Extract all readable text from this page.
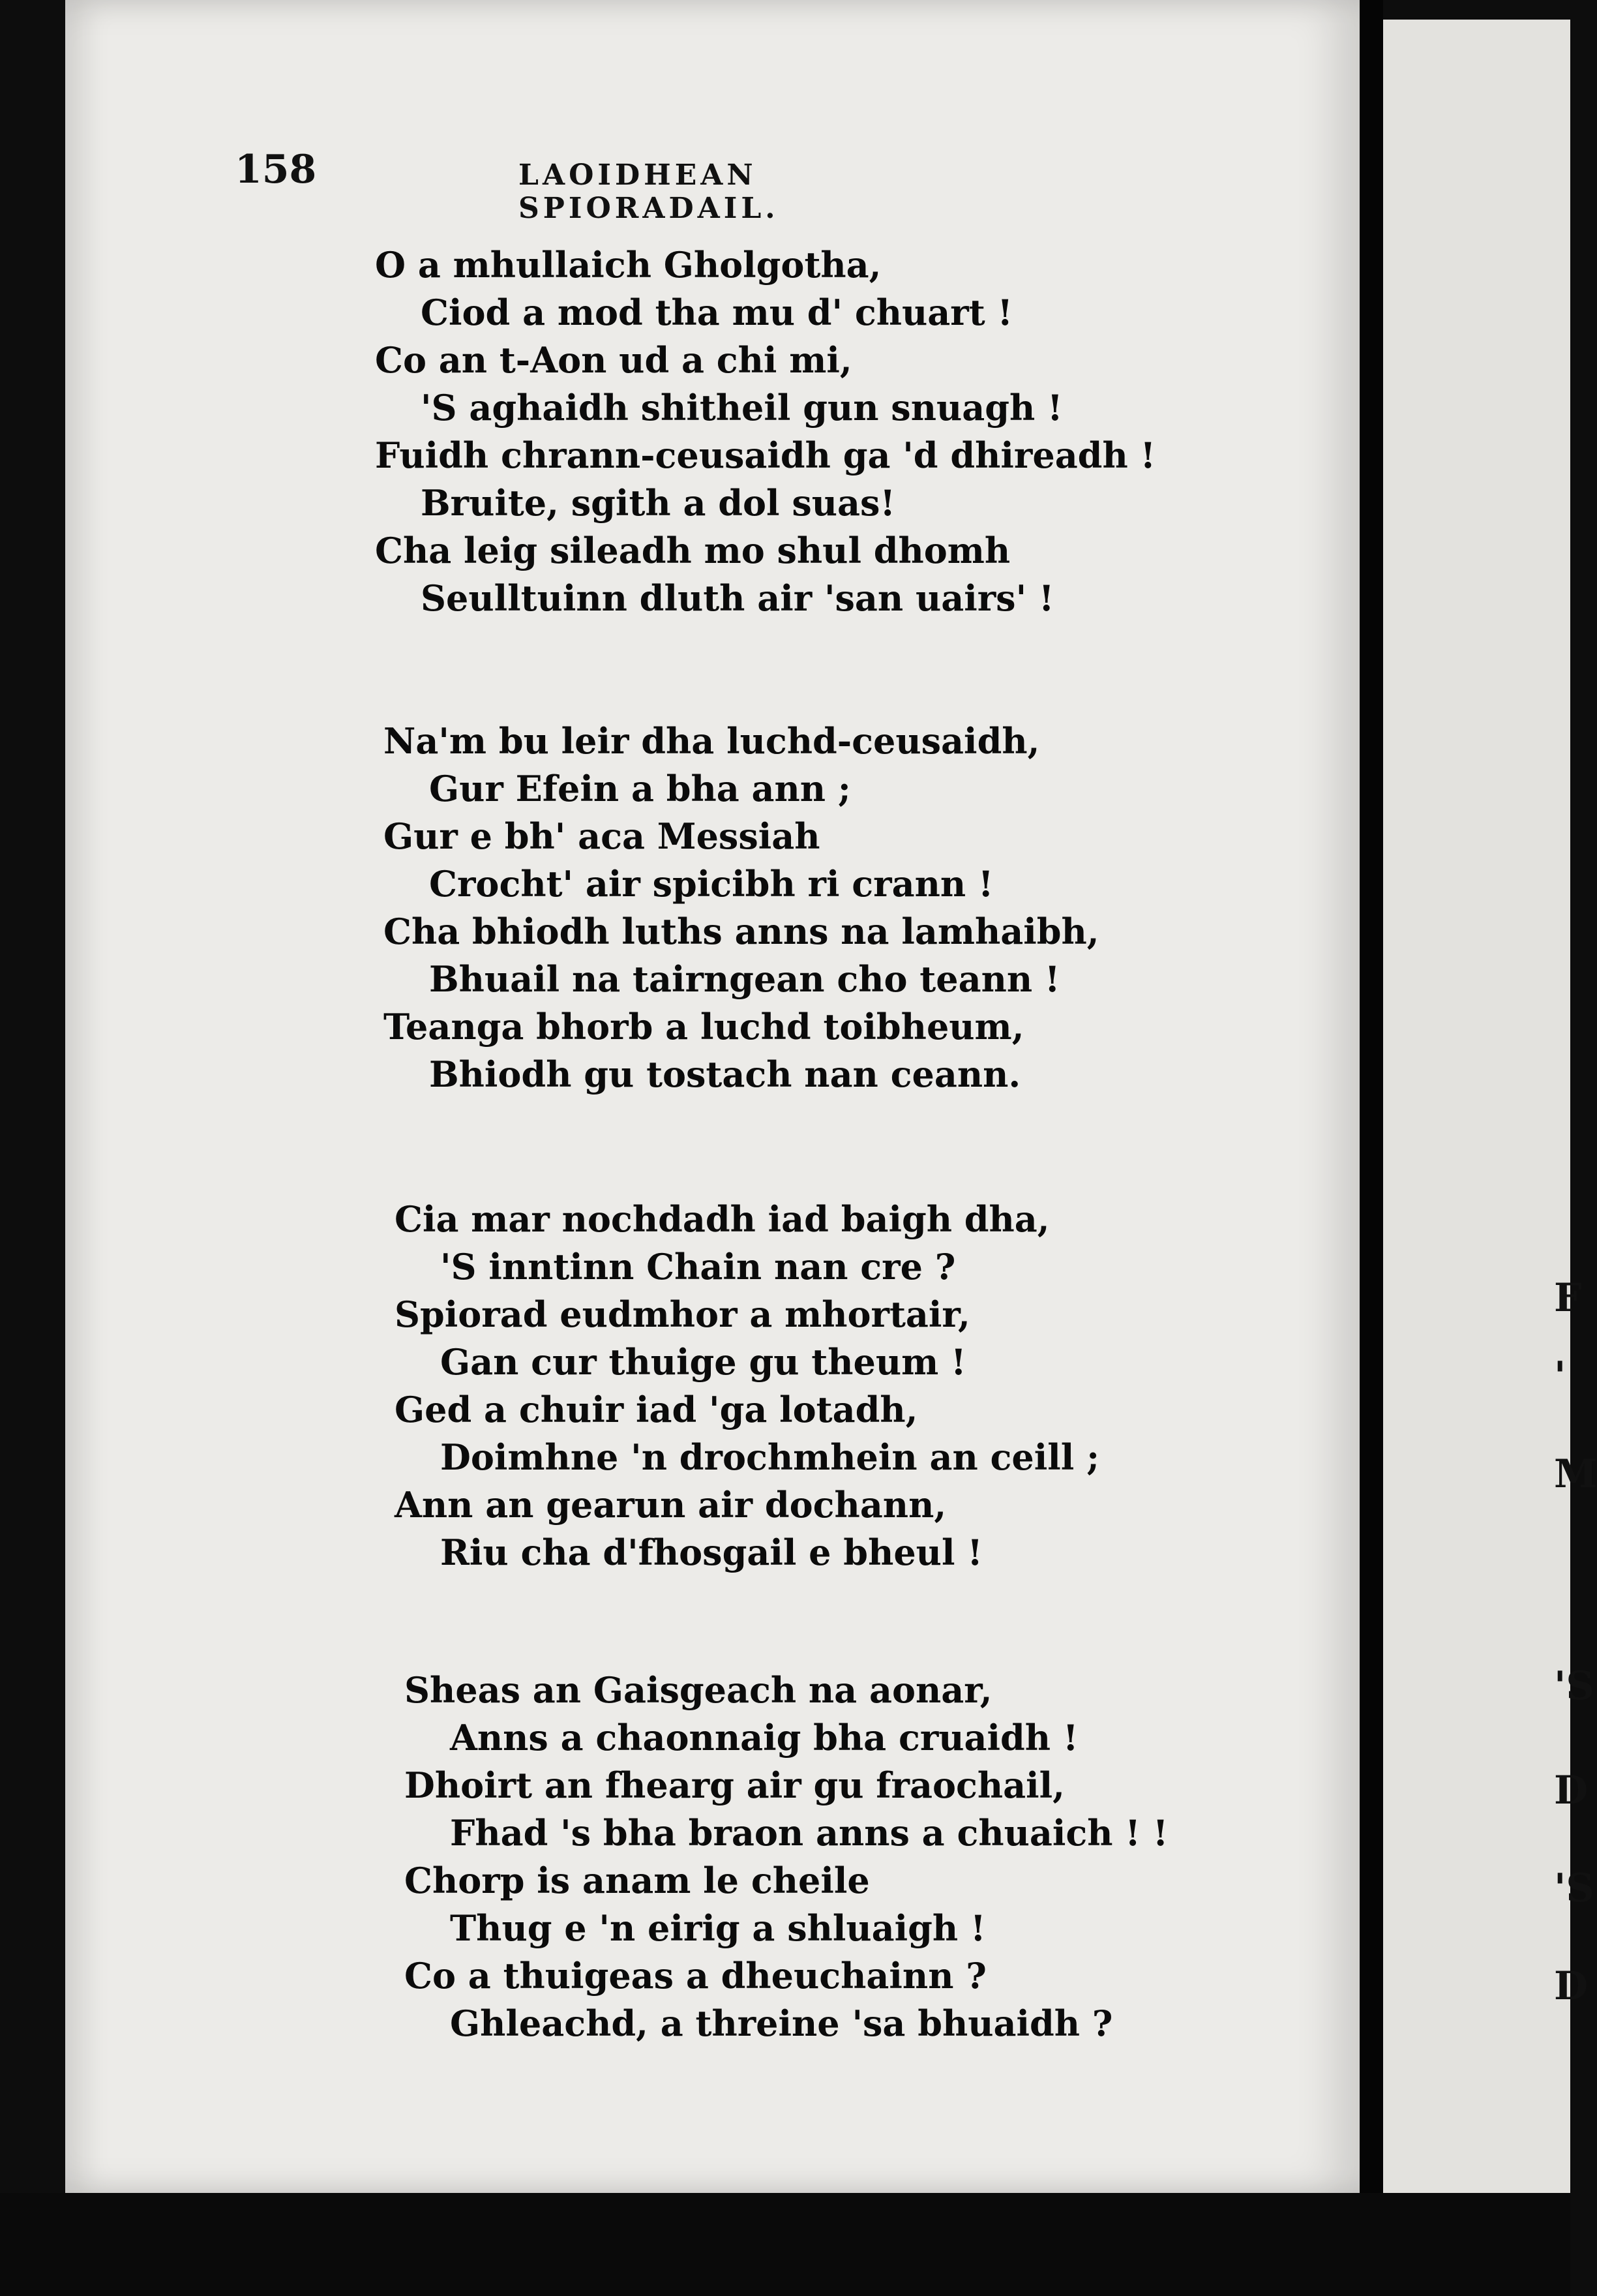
F
'
M
'S
D
'S
D
158	LAOIDHEAN SPIORADAIL.
O a mhullaich Gholgotha,
Ciod a mod tha mu d' chuart !
Co an t-Aon ud a chi mi,
'S aghaidh shitheil gun snuagh !
Fuidh chrann-ceusaidh ga 'd dhireadh !
Bruite, sgith a dol suas!
Cha leig sileadh mo shul dhomh
Seulltuinn dluth air 'san uairs' !
Na'm bu leir dha luchd-ceusaidh,
Gur Efein a bha ann ;
Gur e bh' aca Messiah
Crocht' air spicibh ri crann !
Cha bhiodh luths anns na lamhaibh,
Bhuail na tairngean cho teann !
Teanga bhorb a luchd toibheum,
Bhiodh gu tostach nan ceann.
Cia mar nochdadh iad baigh dha,
'S inntinn Chain nan cre ?
Spiorad eudmhor a mhortair,
Gan cur thuige gu theum !
Ged a chuir iad 'ga lotadh,
Doimhne 'n drochmhein an ceill ;
Ann an gearun air dochann,
Riu cha d'fhosgail e bheul !
Sheas an Gaisgeach na aonar,
Anns a chaonnaig bha cruaidh !
Dhoirt an fhearg air gu fraochail,
Fhad 's bha braon anns a chuaich ! !
Chorp is anam le cheile
Thug e 'n eirig a shluaigh !
Co a thuigeas a dheuchainn ?
Ghleachd, a threine 'sa bhuaidh ?
